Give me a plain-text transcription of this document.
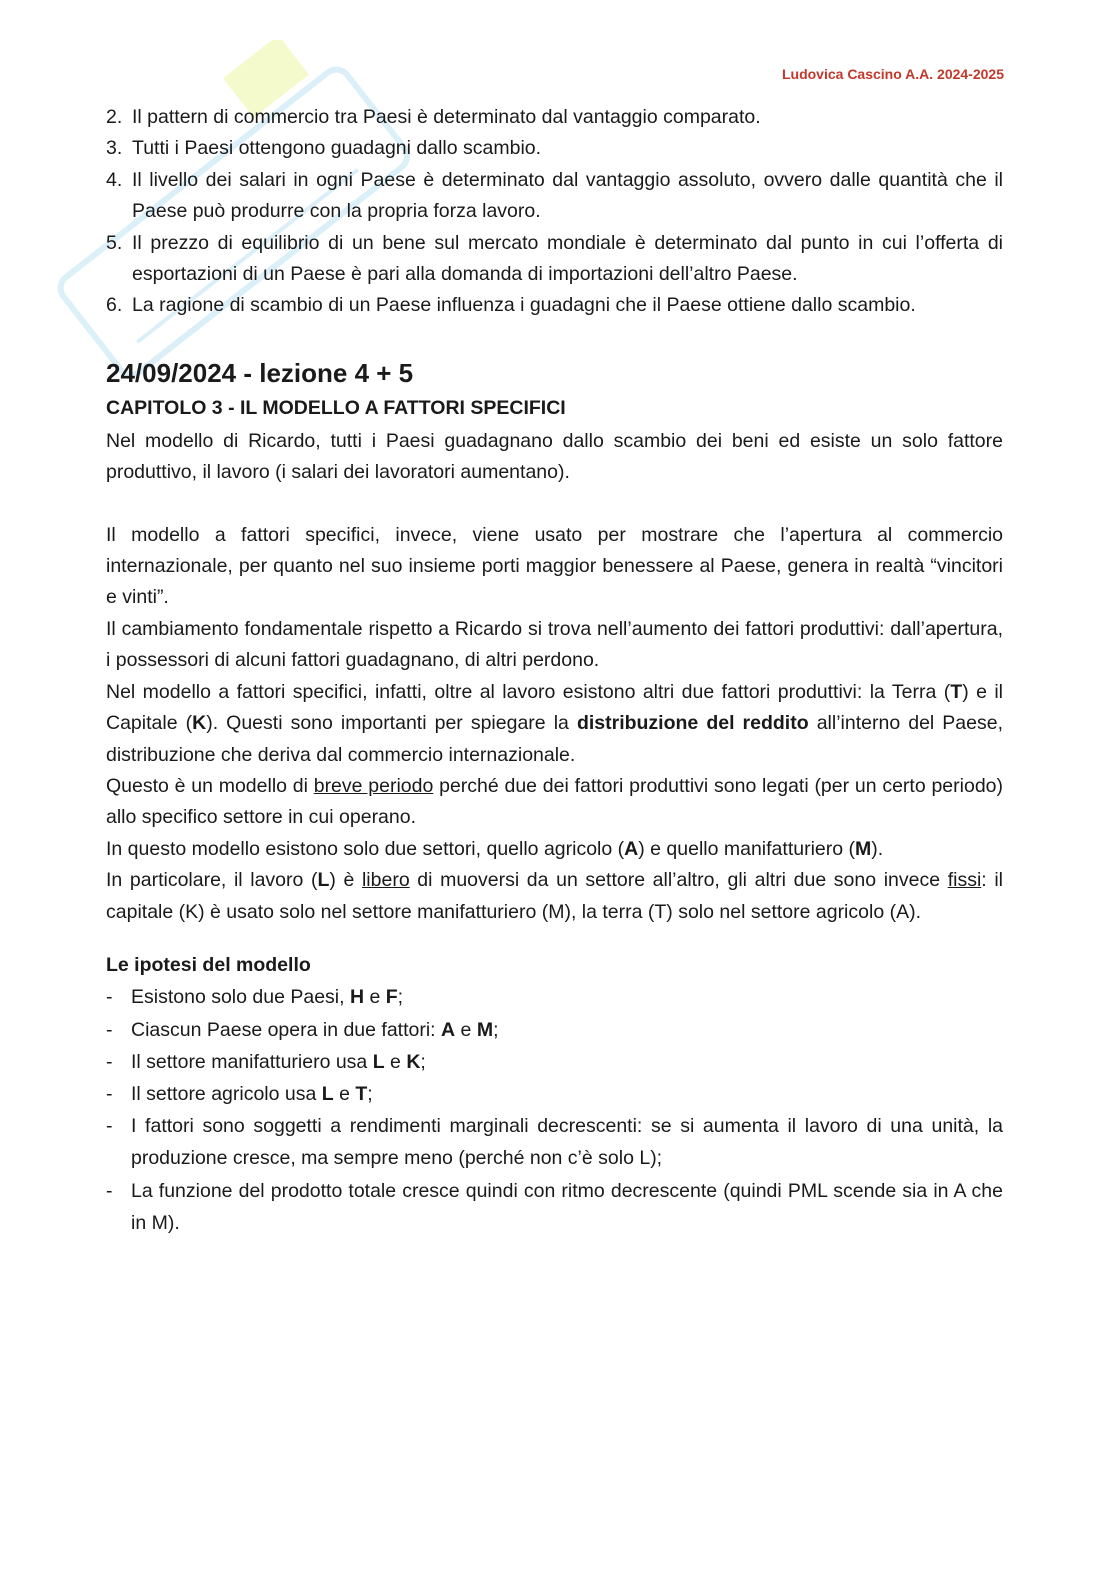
Ludovica Cascino A.A. 2024-2025
2. Il pattern di commercio tra Paesi è determinato dal vantaggio comparato.
3. Tutti i Paesi ottengono guadagni dallo scambio.
4. Il livello dei salari in ogni Paese è determinato dal vantaggio assoluto, ovvero dalle quantità che il Paese può produrre con la propria forza lavoro.
5. Il prezzo di equilibrio di un bene sul mercato mondiale è determinato dal punto in cui l’offerta di esportazioni di un Paese è pari alla domanda di importazioni dell’altro Paese.
6. La ragione di scambio di un Paese influenza i guadagni che il Paese ottiene dallo scambio.
24/09/2024 - lezione 4 + 5
CAPITOLO 3 - IL MODELLO A FATTORI SPECIFICI

Nel modello di Ricardo, tutti i Paesi guadagnano dallo scambio dei beni ed esiste un solo fattore produttivo, il lavoro (i salari dei lavoratori aumentano).

Il modello a fattori specifici, invece, viene usato per mostrare che l’apertura al commercio internazionale, per quanto nel suo insieme porti maggior benessere al Paese, genera in realtà “vincitori e vinti”.

Il cambiamento fondamentale rispetto a Ricardo si trova nell’aumento dei fattori produttivi: dall’apertura, i possessori di alcuni fattori guadagnano, di altri perdono.

Nel modello a fattori specifici, infatti, oltre al lavoro esistono altri due fattori produttivi: la Terra (T) e il Capitale (K). Questi sono importanti per spiegare la distribuzione del reddito all’interno del Paese, distribuzione che deriva dal commercio internazionale.

Questo è un modello di breve periodo perché due dei fattori produttivi sono legati (per un certo periodo) allo specifico settore in cui operano.

In questo modello esistono solo due settori, quello agricolo (A) e quello manifatturiero (M).

In particolare, il lavoro (L) è libero di muoversi da un settore all’altro, gli altri due sono invece fissi: il capitale (K) è usato solo nel settore manifatturiero (M), la terra (T) solo nel settore agricolo (A).

Le ipotesi del modello
- Esistono solo due Paesi, H e F;
- Ciascun Paese opera in due fattori: A e M;
- Il settore manifatturiero usa L e K;
- Il settore agricolo usa L e T;
- I fattori sono soggetti a rendimenti marginali decrescenti: se si aumenta il lavoro di una unità, la produzione cresce, ma sempre meno (perché non c’è solo L);
- La funzione del prodotto totale cresce quindi con ritmo decrescente (quindi PML scende sia in A che in M).
